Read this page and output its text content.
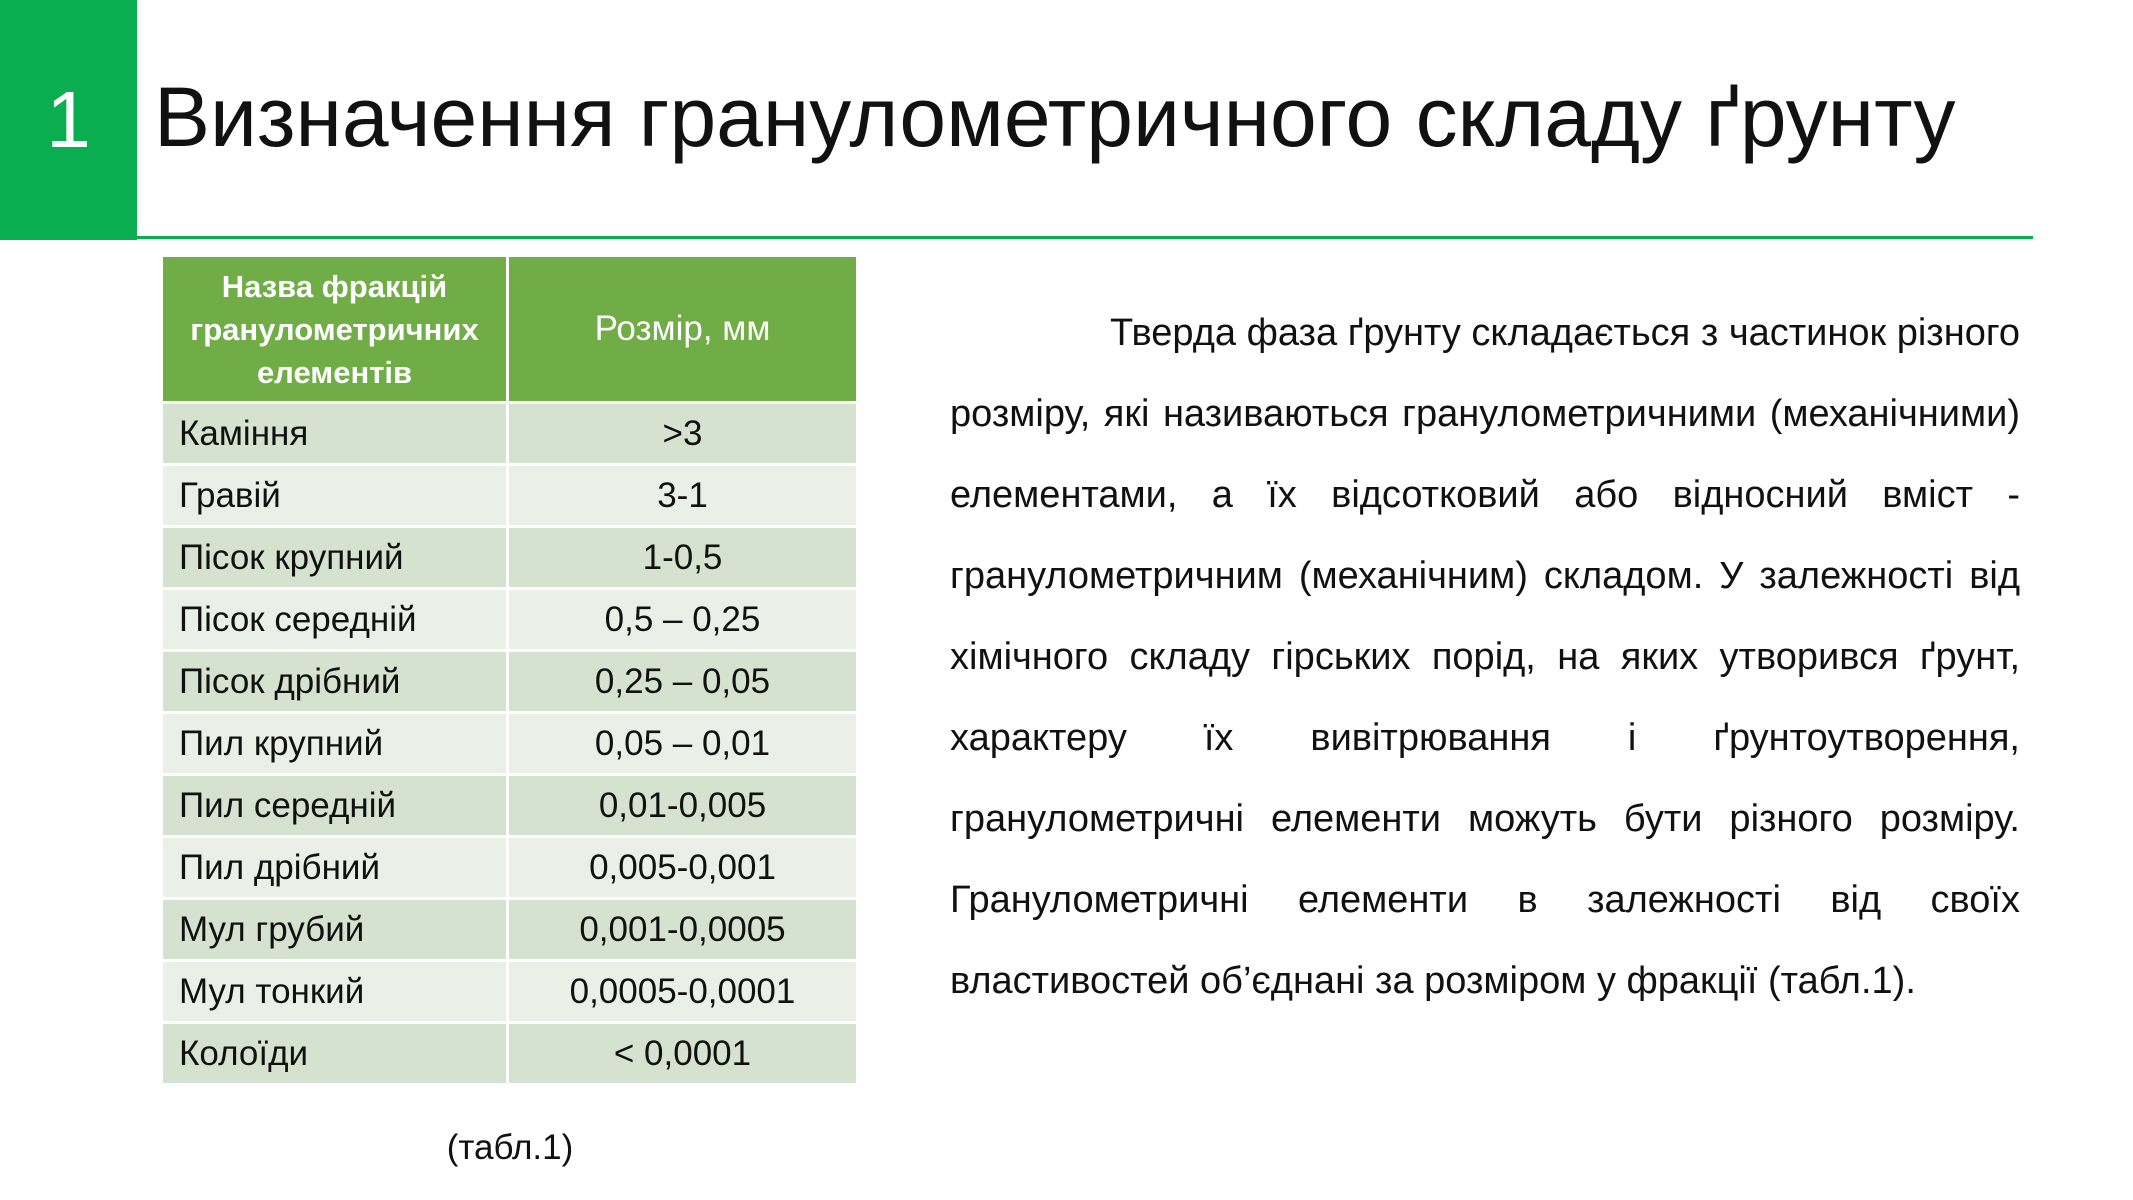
1 Визначення гранулометричного складу ґрунту
Назва фракцій гранулометричних елементів	Розмір, мм
Каміння	>3
Гравій	3-1
Пісок крупний	1-0,5
Пісок середній	0,5 – 0,25
Пісок дрібний	0,25 – 0,05
Пил крупний	0,05 – 0,01
Пил середній	0,01-0,005
Пил дрібний	0,005-0,001
Мул грубий	0,001-0,0005
Мул тонкий	0,0005-0,0001
Колоїди	< 0,0001
(табл.1)

Тверда фаза ґрунту складається з частинок різного розміру, які називаються гранулометричними (механічними) елементами, а їх відсотковий або відносний вміст - гранулометричним (механічним) складом. У залежності від хімічного складу гірських порід, на яких утворився ґрунт, характеру їх вивітрювання і ґрунтоутворення, гранулометричні елементи можуть бути різного розміру. Гранулометричні елементи в залежності від своїх властивостей об’єднані за розміром у фракції (табл.1).
